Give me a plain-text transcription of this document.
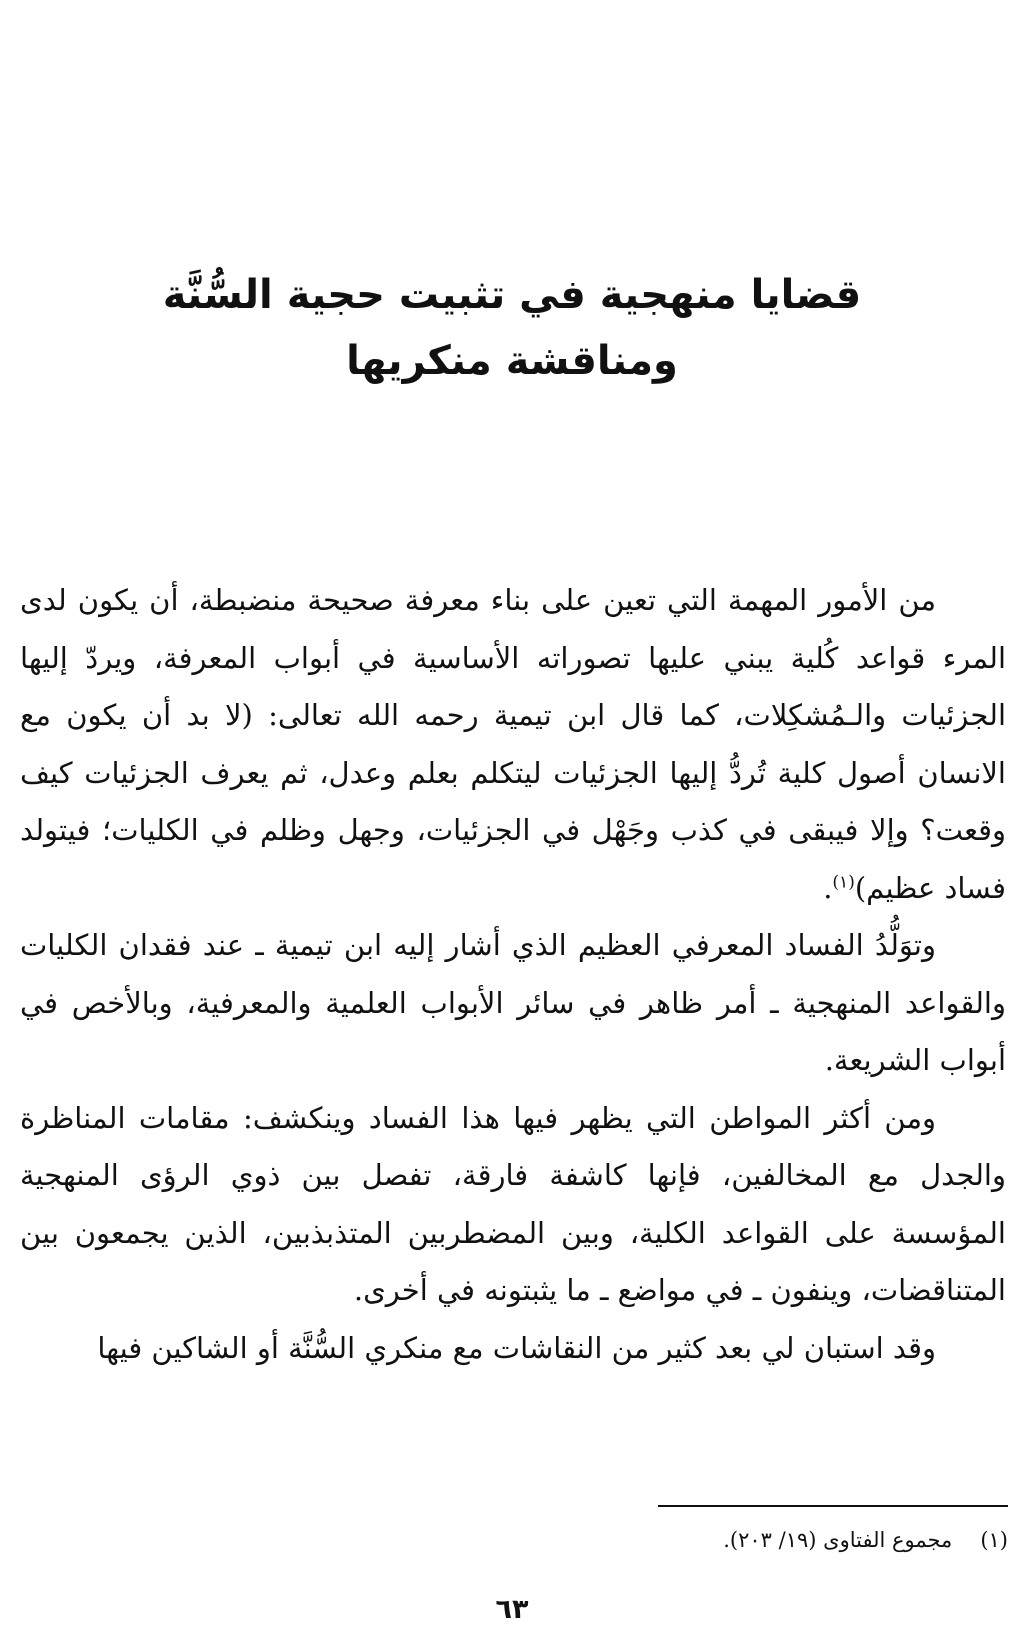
قضايا منهجية في تثبيت حجية السُّنَّة

ومناقشة منكريها

من الأمور المهمة التي تعين على بناء معرفة صحيحة منضبطة، أن يكون لدى المرء قواعد كُلية يبني عليها تصوراته الأساسية في أبواب المعرفة، ويردّ إليها الجزئيات والـمُشكِلات، كما قال ابن تيمية رحمه الله تعالى: (لا بد أن يكون مع الانسان أصول كلية تُردُّ إليها الجزئيات ليتكلم بعلم وعدل، ثم يعرف الجزئيات كيف وقعت؟ وإلا فيبقى في كذب وجَهْل في الجزئيات، وجهل وظلم في الكليات؛ فيتولد فساد عظيم)$^{(١)}$.

وتوَلُّدُ الفساد المعرفي العظيم الذي أشار إليه ابن تيمية ـ عند فقدان الكليات والقواعد المنهجية ـ أمر ظاهر في سائر الأبواب العلمية والمعرفية، وبالأخص في أبواب الشريعة.

ومن أكثر المواطن التي يظهر فيها هذا الفساد وينكشف: مقامات المناظرة والجدل مع المخالفين، فإنها كاشفة فارقة، تفصل بين ذوي الرؤى المنهجية المؤسسة على القواعد الكلية، وبين المضطربين المتذبذبين، الذين يجمعون بين المتناقضات، وينفون ـ في مواضع ـ ما يثبتونه في أخرى.

وقد استبان لي بعد كثير من النقاشات مع منكري السُّنَّة أو الشاكين فيها

(١)مجموع الفتاوى (١٩/ ٢٠٣).
٦٣
